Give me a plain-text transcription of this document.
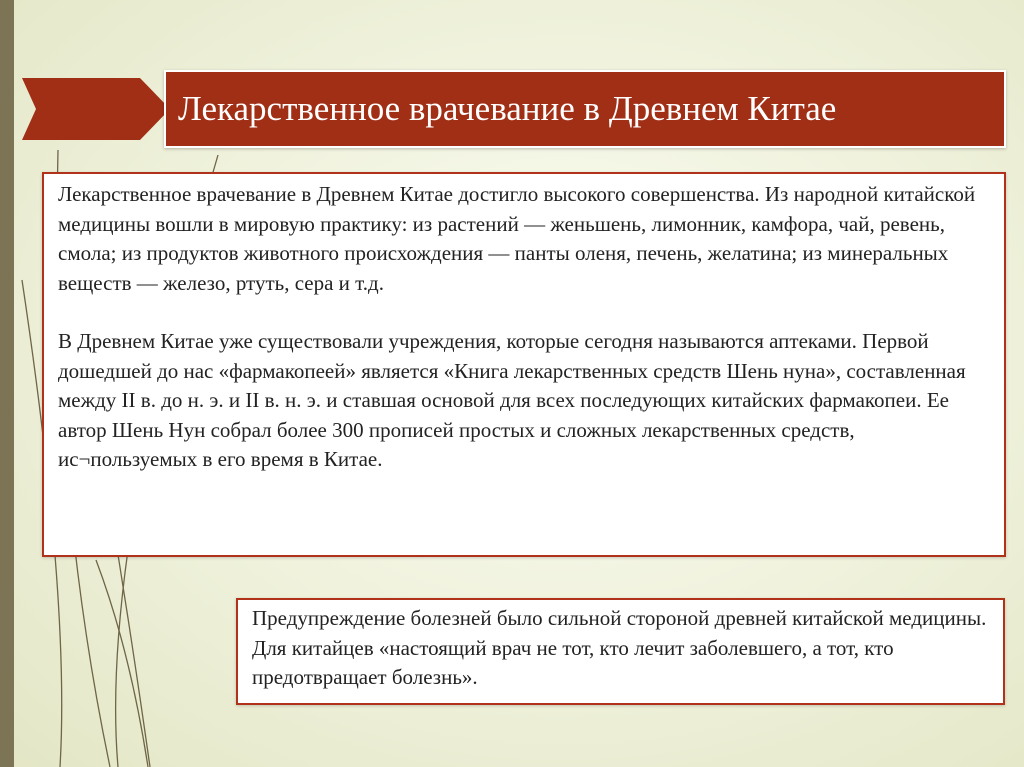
Лекарственное врачевание в Древнем Китае

Лекарственное врачевание в Древнем Китае достигло высокого совершенства. Из народной китайской медицины вошли в мировую практику: из растений — женьшень, лимонник, камфора, чай, ревень, смола; из продуктов животного происхождения — панты оленя, печень, желатина; из минеральных веществ — железо, ртуть, сера и т.д.

В Древнем Китае уже существовали учреждения, которые сегодня называются аптеками. Первой дошедшей до нас «фармакопеей» является «Книга лекарственных средств Шень нуна», составленная между II в. до н. э. и II в. н. э. и ставшая основой для всех последующих китайских фармакопеи. Ее автор Шень Нун собрал более 300 прописей простых и сложных лекарственных средств, ис¬пользуемых в его время в Китае.

Предупреждение болезней было сильной стороной древней китайской медицины. Для китайцев «настоящий врач не тот, кто лечит заболевшего, а тот, кто предотвращает болезнь».
